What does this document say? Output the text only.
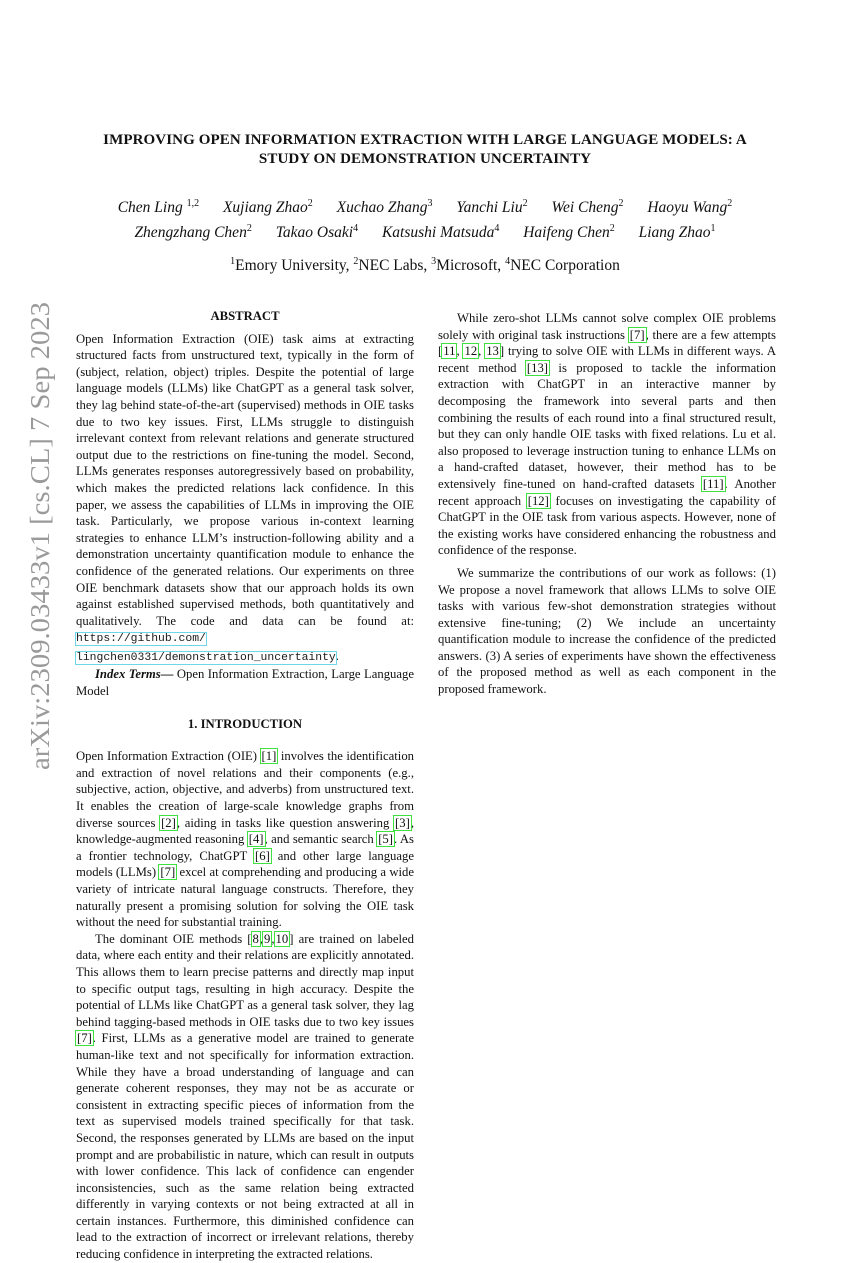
arXiv:2309.03433v1 [cs.CL] 7 Sep 2023
IMPROVING OPEN INFORMATION EXTRACTION WITH LARGE LANGUAGE MODELS: A
STUDY ON DEMONSTRATION UNCERTAINTY
Chen Ling $^{1,2}$ Xujiang Zhao$^2$ Xuchao Zhang$^3$ Yanchi Liu$^2$ Wei Cheng$^2$ Haoyu Wang$^2$
Zhengzhang Chen$^2$ Takao Osaki$^4$ Katsushi Matsuda$^4$ Haifeng Chen$^2$ Liang Zhao$^1$
$^1$Emory University, $^2$NEC Labs, $^3$Microsoft, $^4$NEC Corporation
ABSTRACT

Open Information Extraction (OIE) task aims at extracting structured facts from unstructured text, typically in the form of (subject, relation, object) triples. Despite the potential of large language models (LLMs) like ChatGPT as a general task solver, they lag behind state-of-the-art (supervised) methods in OIE tasks due to two key issues. First, LLMs struggle to distinguish irrelevant context from relevant relations and generate structured output due to the restrictions on fine-tuning the model. Second, LLMs generates responses autoregressively based on probability, which makes the predicted relations lack confidence. In this paper, we assess the capabilities of LLMs in improving the OIE task. Particularly, we propose various in-context learning strategies to enhance LLM’s instruction-following ability and a demonstration uncertainty quantification module to enhance the confidence of the generated relations. Our experiments on three OIE benchmark datasets show that our approach holds its own against established supervised methods, both quantitatively and qualitatively. The code and data can be found at: https://github.com/ lingchen0331/demonstration_uncertainty.

Index Terms— Open Information Extraction, Large Language Model

1. INTRODUCTION

Open Information Extraction (OIE) [1] involves the identification and extraction of novel relations and their components (e.g., subjective, action, objective, and adverbs) from unstructured text. It enables the creation of large-scale knowledge graphs from diverse sources [2], aiding in tasks like question answering [3], knowledge-augmented reasoning [4], and semantic search [5]. As a frontier technology, ChatGPT [6] and other large language models (LLMs) [7] excel at comprehending and producing a wide variety of intricate natural language constructs. Therefore, they naturally present a promising solution for solving the OIE task without the need for substantial training.

The dominant OIE methods [8,9,10] are trained on labeled data, where each entity and their relations are explicitly annotated. This allows them to learn precise patterns and directly map input to specific output tags, resulting in high accuracy. Despite the potential of LLMs like ChatGPT as a general task solver, they lag behind tagging-based methods in OIE tasks due to two key issues [7]. First, LLMs as a generative model are trained to generate human-like text and not specifically for information extraction. While they have a broad understanding of language and can generate coherent responses, they may not be as accurate or consistent in extracting specific pieces of information from the text as supervised models trained specifically for that task. Second, the responses generated by LLMs are based on the input prompt and are probabilistic in nature, which can result in outputs with lower confidence. This lack of confidence can engender inconsistencies, such as the same relation being extracted differently in varying contexts or not being extracted at all in certain instances. Furthermore, this diminished confidence can lead to the extraction of incorrect or irrelevant relations, thereby reducing confidence in interpreting the extracted relations.

While zero-shot LLMs cannot solve complex OIE problems solely with original task instructions [7], there are a few attempts [11, 12, 13] trying to solve OIE with LLMs in different ways. A recent method [13] is proposed to tackle the information extraction with ChatGPT in an interactive manner by decomposing the framework into several parts and then combining the results of each round into a final structured result, but they can only handle OIE tasks with fixed relations. Lu et al. also proposed to leverage instruction tuning to enhance LLMs on a hand-crafted dataset, however, their method has to be extensively fine-tuned on hand-crafted datasets [11]. Another recent approach [12] focuses on investigating the capability of ChatGPT in the OIE task from various aspects. However, none of the existing works have considered enhancing the robustness and confidence of the response.

We summarize the contributions of our work as follows: (1) We propose a novel framework that allows LLMs to solve OIE tasks with various few-shot demonstration strategies without extensive fine-tuning; (2) We include an uncertainty quantification module to increase the confidence of the predicted answers. (3) A series of experiments have shown the effectiveness of the proposed method as well as each component in the proposed framework.
